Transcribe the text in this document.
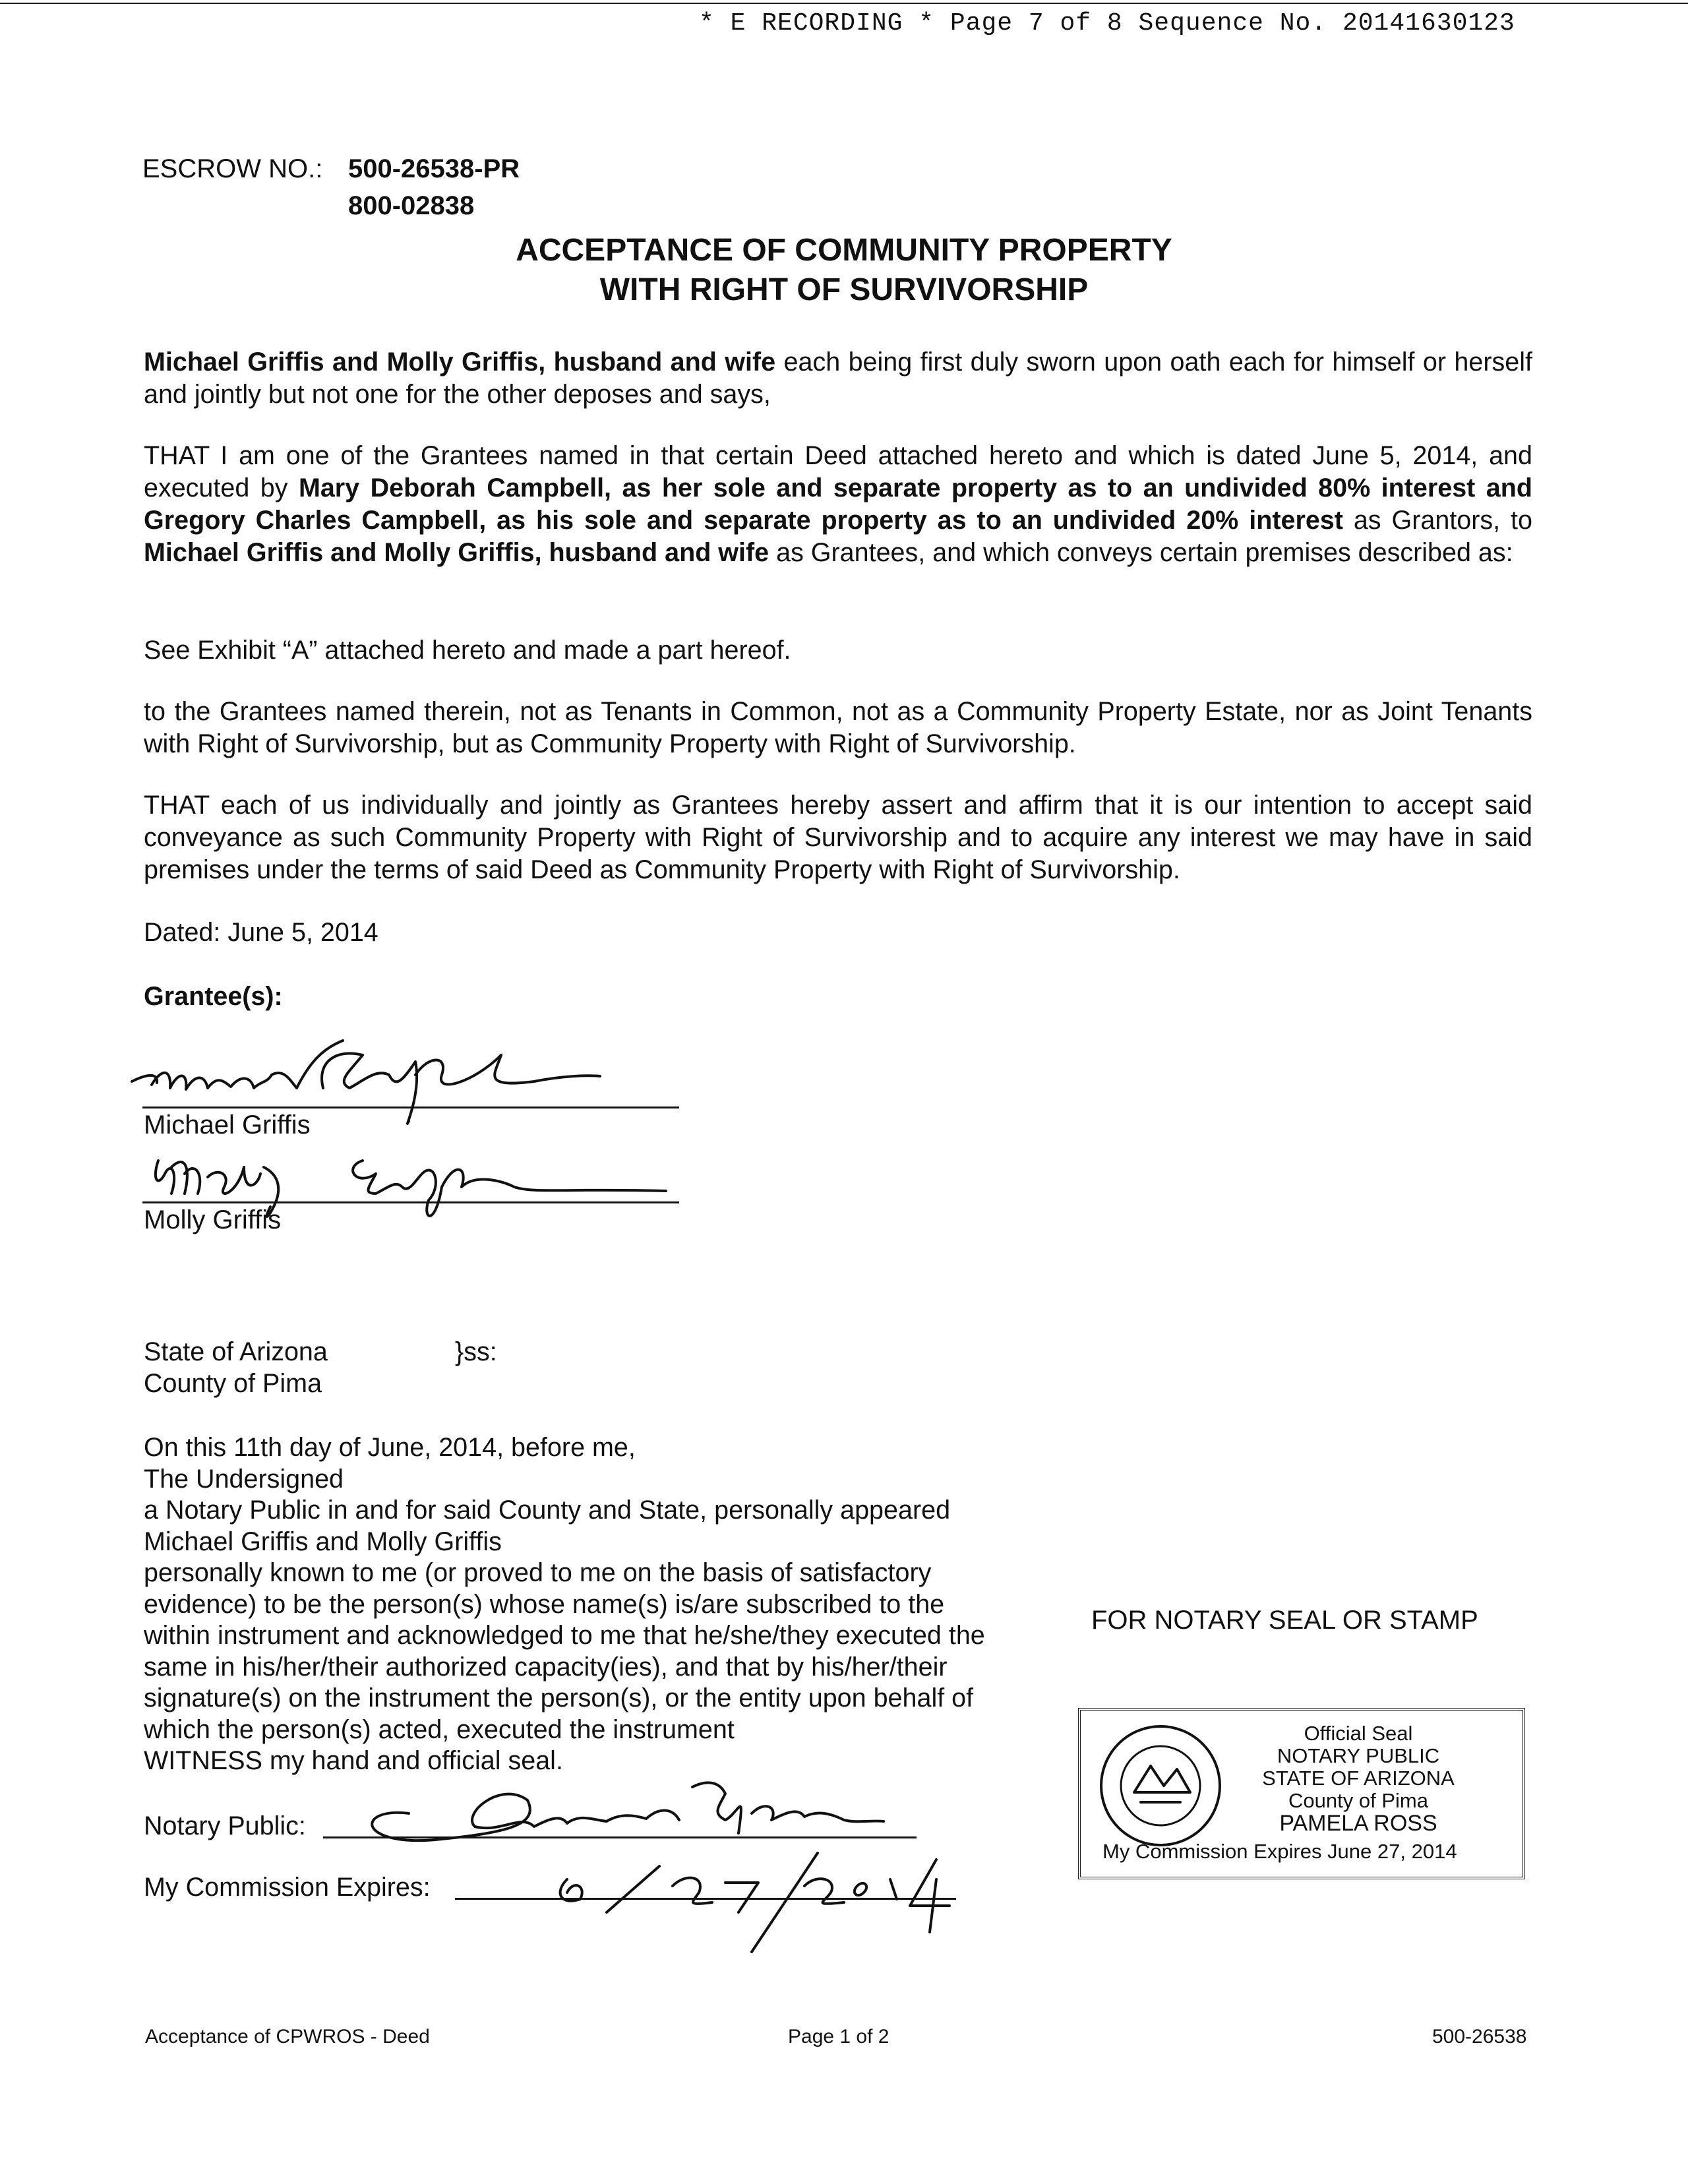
* E RECORDING * Page 7 of 8 Sequence No. 20141630123
ESCROW NO.: 500-26538-PR
800-02838
ACCEPTANCE OF COMMUNITY PROPERTY
WITH RIGHT OF SURVIVORSHIP
Michael Griffis and Molly Griffis, husband and wife each being first duly sworn upon oath each for himself or herself and jointly but not one for the other deposes and says,
THAT I am one of the Grantees named in that certain Deed attached hereto and which is dated June 5, 2014, and executed by Mary Deborah Campbell, as her sole and separate property as to an undivided 80% interest and Gregory Charles Campbell, as his sole and separate property as to an undivided 20% interest as Grantors, to Michael Griffis and Molly Griffis, husband and wife as Grantees, and which conveys certain premises described as:
See Exhibit “A” attached hereto and made a part hereof.
to the Grantees named therein, not as Tenants in Common, not as a Community Property Estate, nor as Joint Tenants with Right of Survivorship, but as Community Property with Right of Survivorship.
THAT each of us individually and jointly as Grantees hereby assert and affirm that it is our intention to accept said conveyance as such Community Property with Right of Survivorship and to acquire any interest we may have in said premises under the terms of said Deed as Community Property with Right of Survivorship.
Dated: June 5, 2014
Grantee(s):
Michael Griffis
Molly Griffis
State of Arizona	}ss:
County of Pima
On this 11th day of June, 2014, before me,
The Undersigned
a Notary Public in and for said County and State, personally appeared
Michael Griffis and Molly Griffis
personally known to me (or proved to me on the basis of satisfactory
evidence) to be the person(s) whose name(s) is/are subscribed to the
within instrument and acknowledged to me that he/she/they executed the
same in his/her/their authorized capacity(ies), and that by his/her/their
signature(s) on the instrument the person(s), or the entity upon behalf of
which the person(s) acted, executed the instrument
WITNESS my hand and official seal.
Notary Public:
My Commission Expires:
6/27/2014
FOR NOTARY SEAL OR STAMP
Official Seal
NOTARY PUBLIC
STATE OF ARIZONA
County of Pima
PAMELA ROSS
My Commission Expires June 27, 2014
Acceptance of CPWROS - Deed	Page 1 of 2	500-26538
